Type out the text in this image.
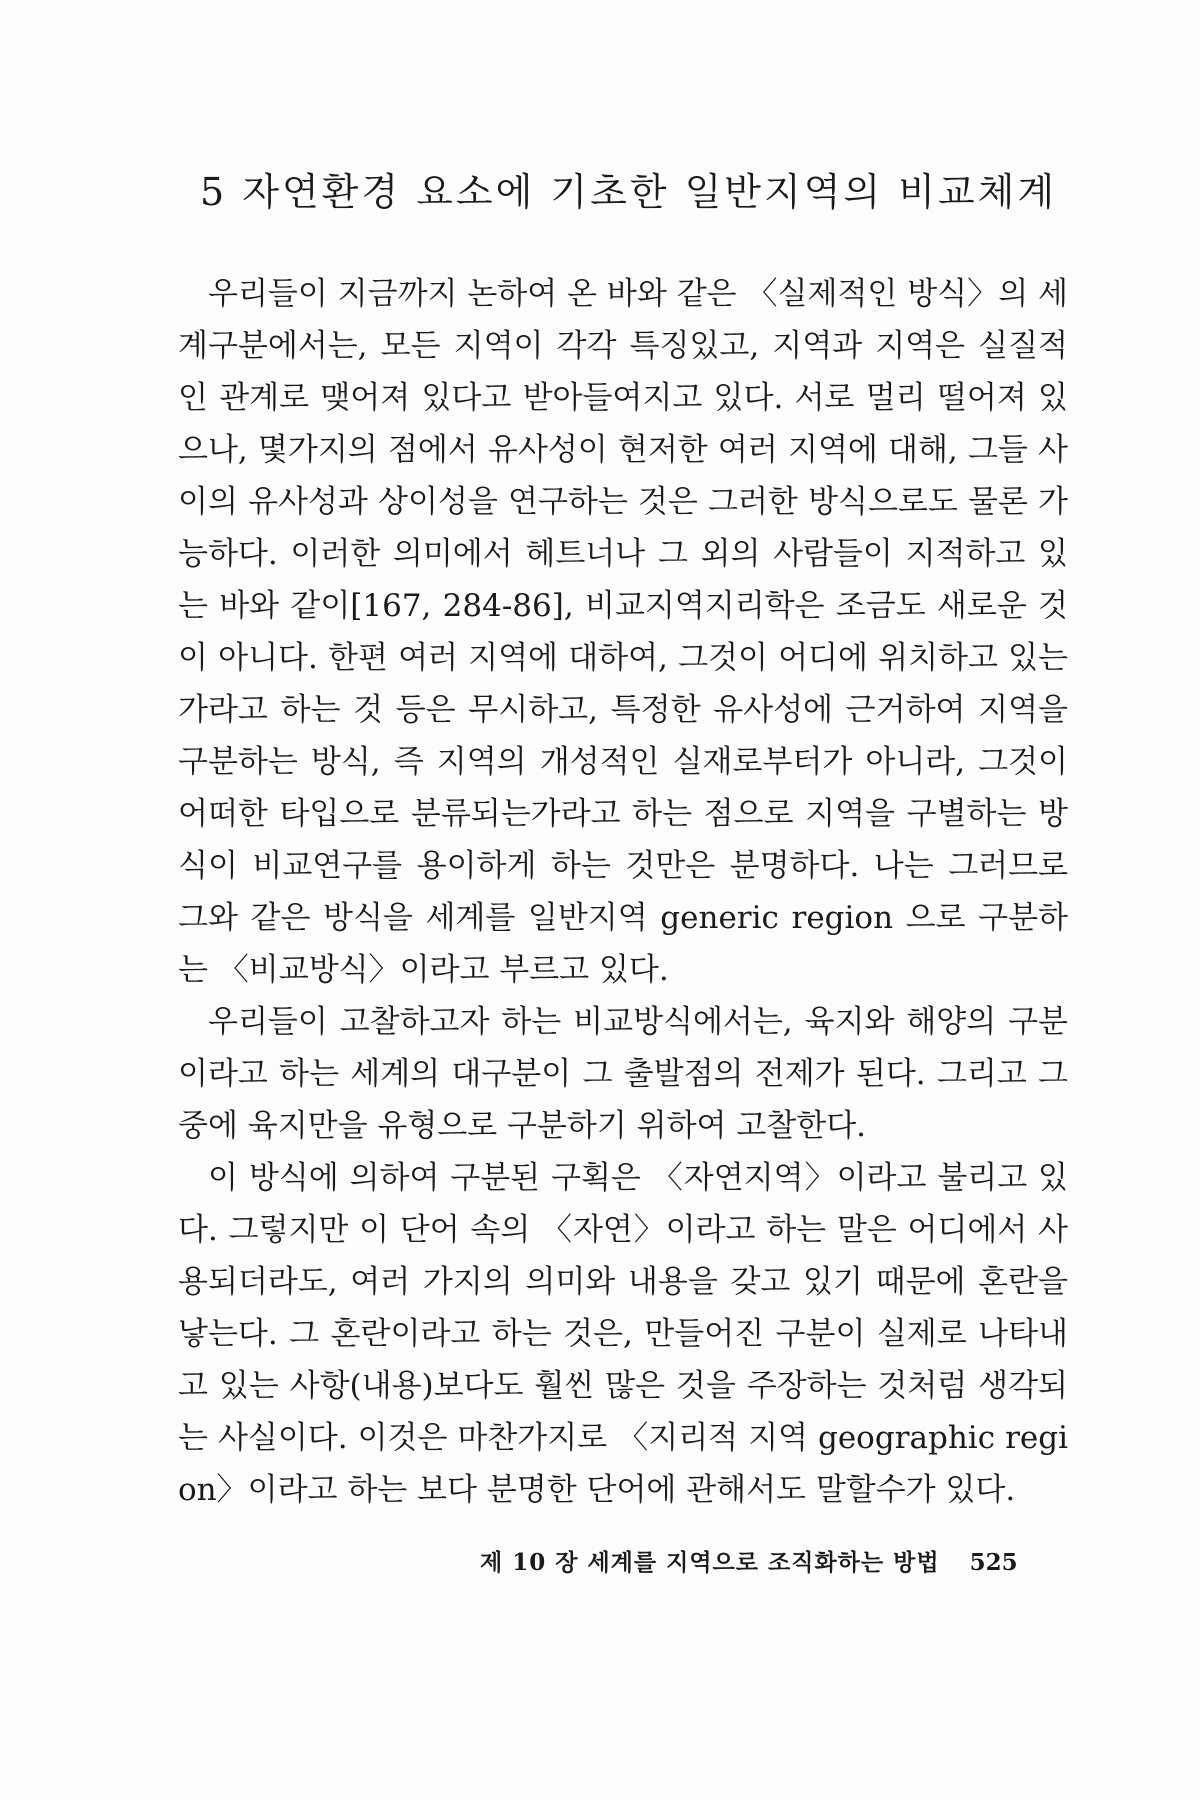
5 자연환경 요소에 기초한 일반지역의 비교체계

우리들이 지금까지 논하여 온 바와 같은 〈실제적인 방식〉의 세계구분에서는, 모든 지역이 각각 특징있고, 지역과 지역은 실질적인 관계로 맺어져 있다고 받아들여지고 있다. 서로 멀리 떨어져 있으나, 몇가지의 점에서 유사성이 현저한 여러 지역에 대해, 그들 사이의 유사성과 상이성을 연구하는 것은 그러한 방식으로도 물론 가능하다. 이러한 의미에서 헤트너나 그 외의 사람들이 지적하고 있는 바와 같이[167, 284-86], 비교지역지리학은 조금도 새로운 것이 아니다. 한편 여러 지역에 대하여, 그것이 어디에 위치하고 있는가라고 하는 것 등은 무시하고, 특정한 유사성에 근거하여 지역을 구분하는 방식, 즉 지역의 개성적인 실재로부터가 아니라, 그것이 어떠한 타입으로 분류되는가라고 하는 점으로 지역을 구별하는 방식이 비교연구를 용이하게 하는 것만은 분명하다. 나는 그러므로 그와 같은 방식을 세계를 일반지역 generic region 으로 구분하는 〈비교방식〉이라고 부르고 있다.

우리들이 고찰하고자 하는 비교방식에서는, 육지와 해양의 구분이라고 하는 세계의 대구분이 그 출발점의 전제가 된다. 그리고 그 중에 육지만을 유형으로 구분하기 위하여 고찰한다.

이 방식에 의하여 구분된 구획은 〈자연지역〉이라고 불리고 있다. 그렇지만 이 단어 속의 〈자연〉이라고 하는 말은 어디에서 사용되더라도, 여러 가지의 의미와 내용을 갖고 있기 때문에 혼란을 낳는다. 그 혼란이라고 하는 것은, 만들어진 구분이 실제로 나타내고 있는 사항(내용)보다도 훨씬 많은 것을 주장하는 것처럼 생각되는 사실이다. 이것은 마찬가지로 〈지리적 지역 geographic region〉이라고 하는 보다 분명한 단어에 관해서도 말할수가 있다.

제 10 장 세계를 지역으로 조직화하는 방법 525
